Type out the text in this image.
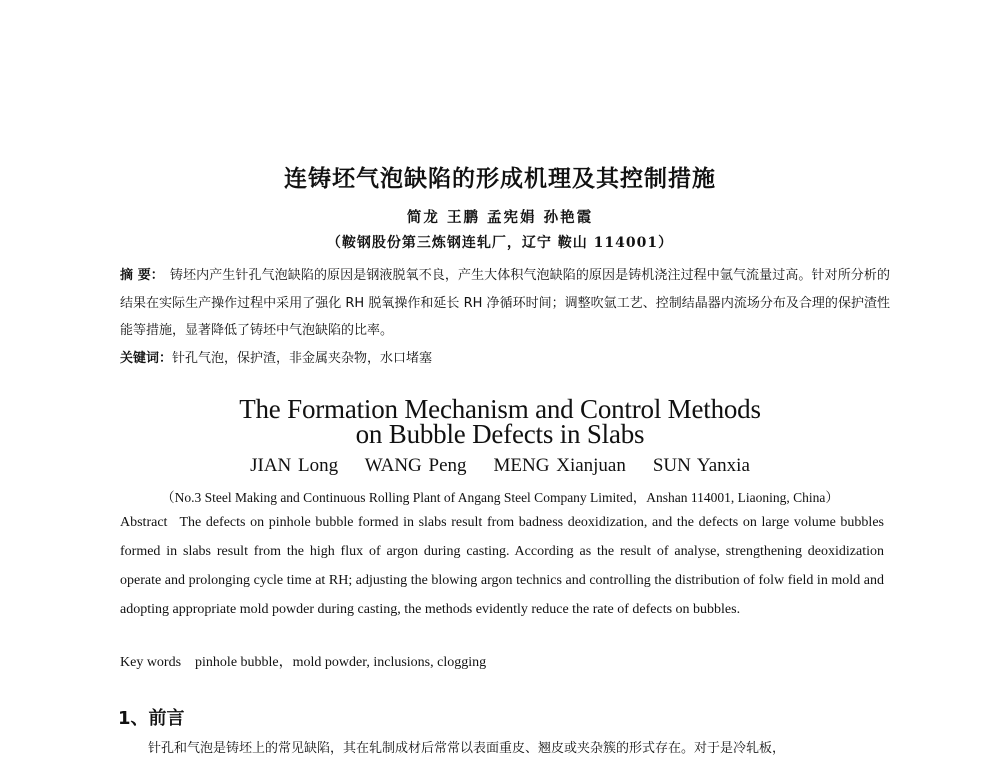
连铸坯气泡缺陷的形成机理及其控制措施
简龙 王鹏 孟宪娟 孙艳霞
（鞍钢股份第三炼钢连轧厂，辽宁 鞍山 114001）
摘 要： 铸坯内产生针孔气泡缺陷的原因是钢液脱氧不良，产生大体积气泡缺陷的原因是铸机浇注过程中氩气流量过高。针对所分析的结果在实际生产操作过程中采用了强化 RH 脱氧操作和延长 RH 净循环时间；调整吹氩工艺、控制结晶器内流场分布及合理的保护渣性能等措施，显著降低了铸坯中气泡缺陷的比率。
关键词：针孔气泡，保护渣，非金属夹杂物，水口堵塞
The Formation Mechanism and Control Methods
on Bubble Defects in Slabs
JIAN Long    WANG Peng    MENG Xianjuan    SUN Yanxia
（No.3 Steel Making and Continuous Rolling Plant of Angang Steel Company Limited，Anshan 114001, Liaoning, China）
Abstract The defects on pinhole bubble formed in slabs result from badness deoxidization, and the defects on large volume bubbles formed in slabs result from the high flux of argon during casting. According as the result of analyse, strengthening deoxidization operate and prolonging cycle time at RH; adjusting the blowing argon technics and controlling the distribution of folw field in mold and adopting appropriate mold powder during casting, the methods evidently reduce the rate of defects on bubbles.
Key words pinhole bubble，mold powder, inclusions, clogging
1、前言
针孔和气泡是铸坯上的常见缺陷，其在轧制成材后常常以表面重皮、翘皮或夹杂簇的形式存在。对于是冷轧板，
